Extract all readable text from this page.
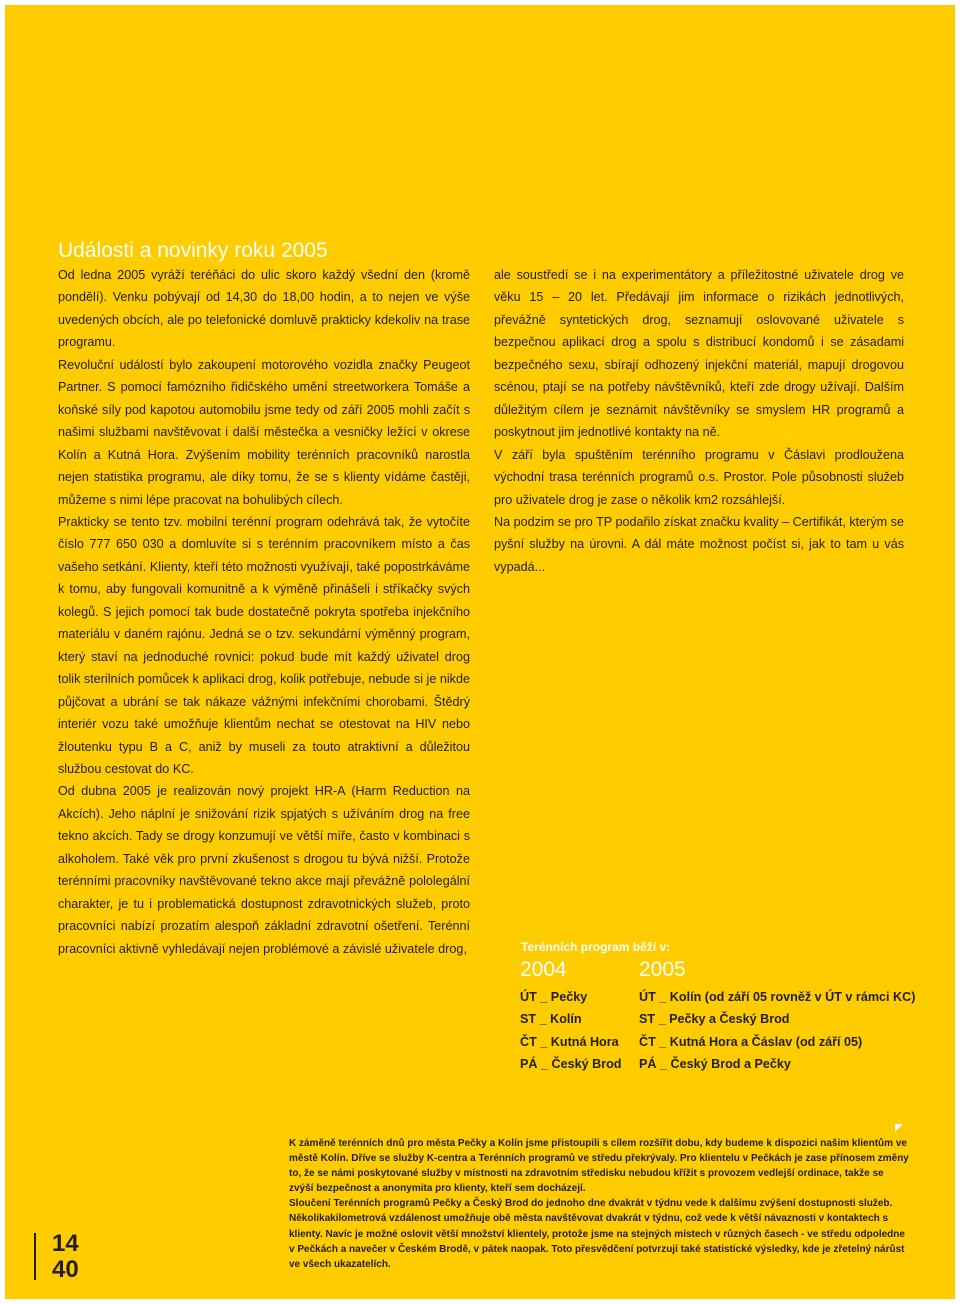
Události a novinky roku 2005

Od ledna 2005 vyráží teréňáci do ulic skoro každý všední den (kromě pondělí). Venku pobývají od 14,30 do 18,00 hodin, a to nejen ve výše uvedených obcích, ale po telefonické domluvě prakticky kdekoliv na trase programu.

Revoluční událostí bylo zakoupení motorového vozidla značky Peugeot Partner. S pomocí famózního řidičského umění streetworkera Tomáše a koňské síly pod kapotou automobilu jsme tedy od září 2005 mohli začít s našimi službami navštěvovat i další městečka a vesničky ležící v okrese Kolín a Kutná Hora. Zvýšením mobility terénních pracovníků narostla nejen statistika programu, ale díky tomu, že se s klienty vídáme častěji, můžeme s nimi lépe pracovat na bohulibých cílech.

Prakticky se tento tzv. mobilní terénní program odehrává tak, že vytočíte číslo 777 650 030 a domluvíte si s terénním pracovníkem místo a čas vašeho setkání. Klienty, kteří této možnosti využívají, také popostrkáváme k tomu, aby fungovali komunitně a k výměně přinášeli i stříkačky svých kolegů. S jejich pomocí tak bude dostatečně pokryta spotřeba injekčního materiálu v daném rajónu. Jedná se o tzv. sekundární výměnný program, který staví na jednoduché rovnici: pokud bude mít každý uživatel drog tolik sterilních pomůcek k aplikaci drog, kolik potřebuje, nebude si je nikde půjčovat a ubrání se tak nákaze vážnými infekčními chorobami. Štědrý interiér vozu také umožňuje klientům nechat se otestovat na HIV nebo žloutenku typu B a C, aniž by museli za touto atraktivní a důležitou službou cestovat do KC.

Od dubna 2005 je realizován nový projekt HR-A (Harm Reduction na Akcích). Jeho náplní je snižování rizik spjatých s užíváním drog na free tekno akcích. Tady se drogy konzumují ve větší míře, často v kombinaci s alkoholem. Také věk pro první zkušenost s drogou tu bývá nižší. Protože terénními pracovníky navštěvované tekno akce mají převážně pololegální charakter, je tu i problematická dostupnost zdravotnických služeb, proto pracovníci nabízí prozatím alespoň základní zdravotní ošetření. Terénní pracovníci aktivně vyhledávají nejen problémové a závislé uživatele drog,

ale soustředí se i na experimentátory a příležitostné uživatele drog ve věku 15 – 20 let. Předávají jim informace o rizikách jednotlivých, převážně syntetických drog, seznamují oslovované uživatele s bezpečnou aplikací drog a spolu s distribucí kondomů i se zásadami bezpečného sexu, sbírají odhozený injekční materiál, mapují drogovou scénou, ptají se na potřeby návštěvníků, kteří zde drogy užívají. Dalším důležitým cílem je seznámit návštěvníky se smyslem HR programů a poskytnout jim jednotlivé kontakty na ně.

V září byla spuštěním terénního programu v Čáslavi prodloužena východní trasa terénních programů o.s. Prostor. Pole působnosti služeb pro uživatele drog je zase o několik km2 rozsáhlejší.

Na podzim se pro TP podařilo získat značku kvality – Certifikát, kterým se pyšní služby na úrovni. A dál máte možnost počíst si, jak to tam u vás vypadá...

Terénních program běží v:
2004	2005
ÚT _ Pečky
ST _ Kolín
ČT _ Kutná Hora
PÁ _ Český Brod
ÚT _ Kolín (od září 05 rovněž v ÚT v rámci KC)
ST _ Pečky a Český Brod
ČT _ Kutná Hora a Čáslav (od září 05)
PÁ _ Český Brod a Pečky

K záměně terénních dnů pro města Pečky a Kolín jsme přistoupili s cílem rozšířit dobu, kdy budeme k dispozici našim klientům ve městě Kolín. Dříve se služby K-centra a Terénních programů ve středu překrývaly. Pro klientelu v Pečkách je zase přínosem změny to, že se námi poskytované služby v místnosti na zdravotním středisku nebudou křížit s provozem vedlejší ordinace, takže se zvýší bezpečnost a anonymita pro klienty, kteří sem docházejí.

Sloučení Terénních programů Pečky a Český Brod do jednoho dne dvakrát v týdnu vede k dalšímu zvýšení dostupnosti služeb. Několikakilometrová vzdálenost umožňuje obě města navštěvovat dvakrát v týdnu, což vede k větší návaznosti v kontaktech s klienty. Navíc je možné oslovit větší množství klientely, protože jsme na stejných místech v různých časech - ve středu odpoledne v Pečkách a navečer v Českém Brodě, v pátek naopak. Toto přesvědčení potvrzují také statistické výsledky, kde je zřetelný nárůst ve všech ukazatelích.

14
40
